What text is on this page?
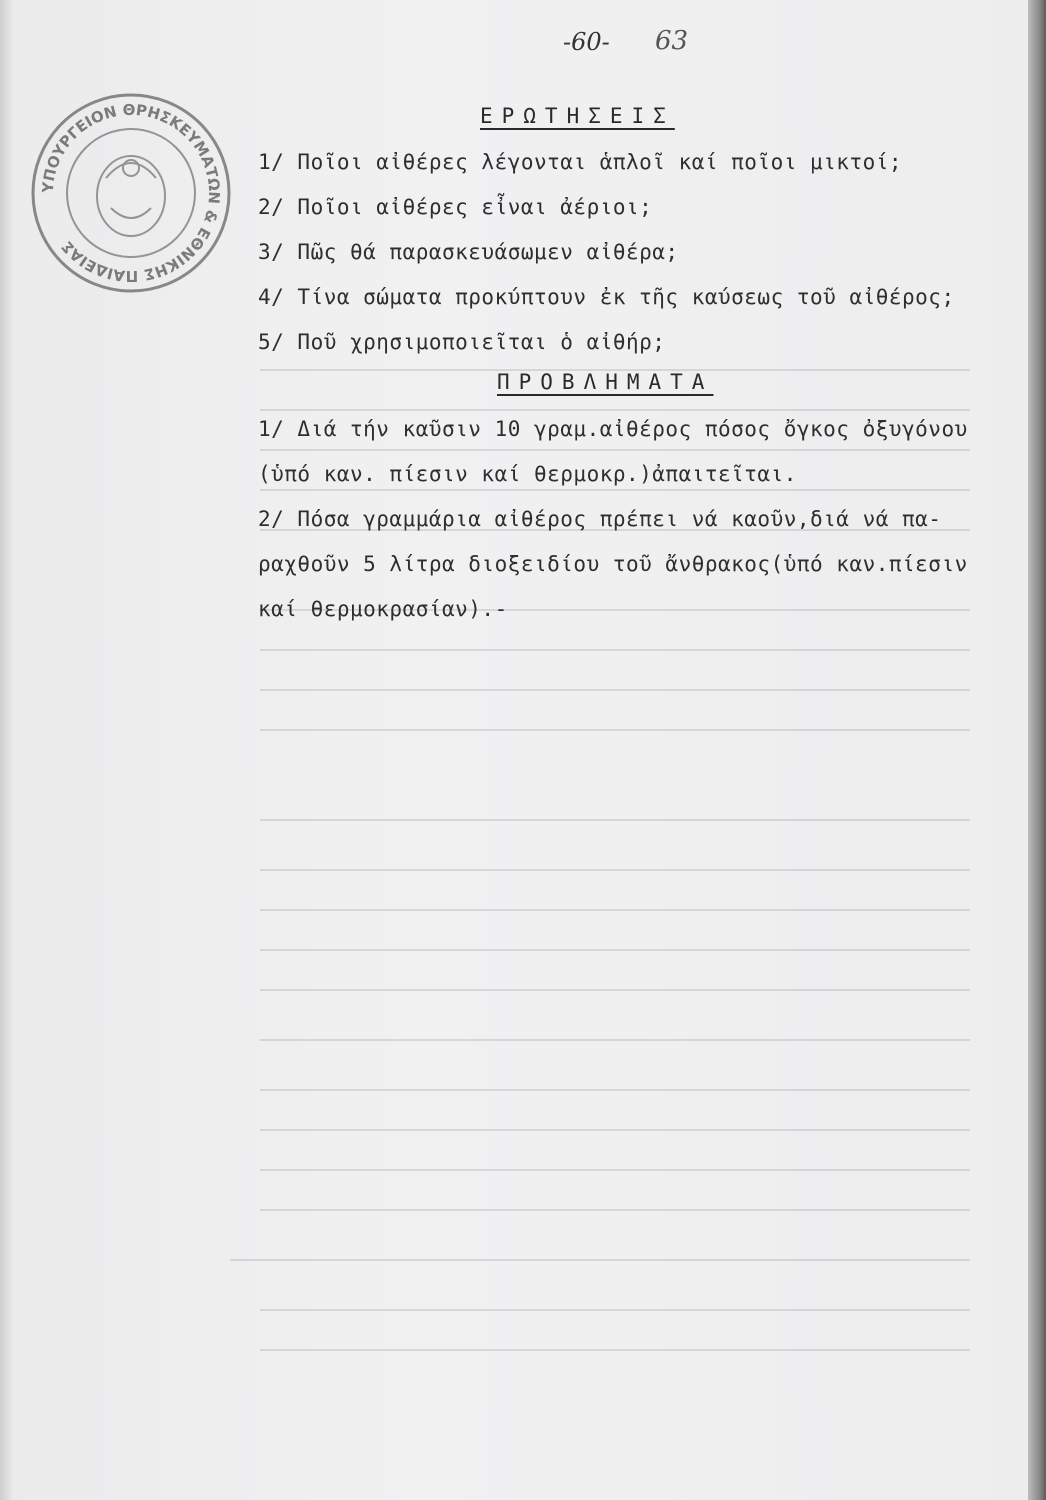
-60- 63
ΥΠΟΥΡΓΕΙΟΝ ΘΡΗΣΚΕΥΜΑΤΩΝ & ΕΘΝΙΚΗΣ ΠΑΙΔΕΙΑΣ
ΕΡΩΤΗΣΕΙΣ
1/ Ποῖοι αἰθέρες λέγονται ἁπλοῖ καί ποῖοι μικτοί;
2/ Ποῖοι αἰθέρες εἶναι ἀέριοι;
3/ Πῶς θά παρασκευάσωμεν αἰθέρα;
4/ Τίνα σώματα προκύπτουν ἐκ τῆς καύσεως τοῦ αἰθέρος;
5/ Ποῦ χρησιμοποιεῖται ὁ αἰθήρ;
ΠΡΟΒΛΗΜΑΤΑ
1/ Διά τήν καῦσιν 10 γραμ.αἰθέρος πόσος ὄγκος ὀξυγόνου
(ὑπό καν. πίεσιν καί θερμοκρ.)ἀπαιτεῖται.
2/ Πόσα γραμμάρια αἰθέρος πρέπει νά καοῦν,διά νά πα-
ραχθοῦν 5 λίτρα διοξειδίου τοῦ ἄνθρακος(ὑπό καν.πίεσιν
καί θερμοκρασίαν).-
